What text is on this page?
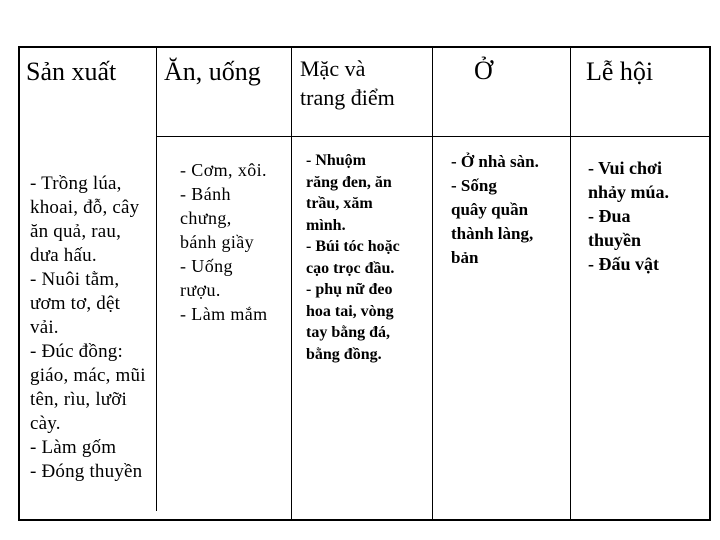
Sản xuất Ăn, uống Mặc và
trang điểm
Ở	Lễ hội
- Trồng lúa,
khoai, đỗ, cây
ăn quả, rau,
dưa hấu.
- Nuôi tằm,
ươm tơ, dệt
vải.
- Đúc đồng:
giáo, mác, mũi
tên, rìu, lưỡi
cày.
- Làm gốm
- Đóng thuyền
- Cơm, xôi.
- Bánh
chưng,
bánh giầy
- Uống
rượu.
- Làm mắm
- Nhuộm
răng đen, ăn
trầu, xăm
mình.
- Búi tóc hoặc
cạo trọc đầu.
- phụ nữ đeo
hoa tai, vòng
tay bằng đá,
bằng đồng.
- Ở nhà sàn.
- Sống
quây quần
thành làng,
bản
- Vui chơi
nhảy múa.
- Đua
thuyền
- Đấu vật
